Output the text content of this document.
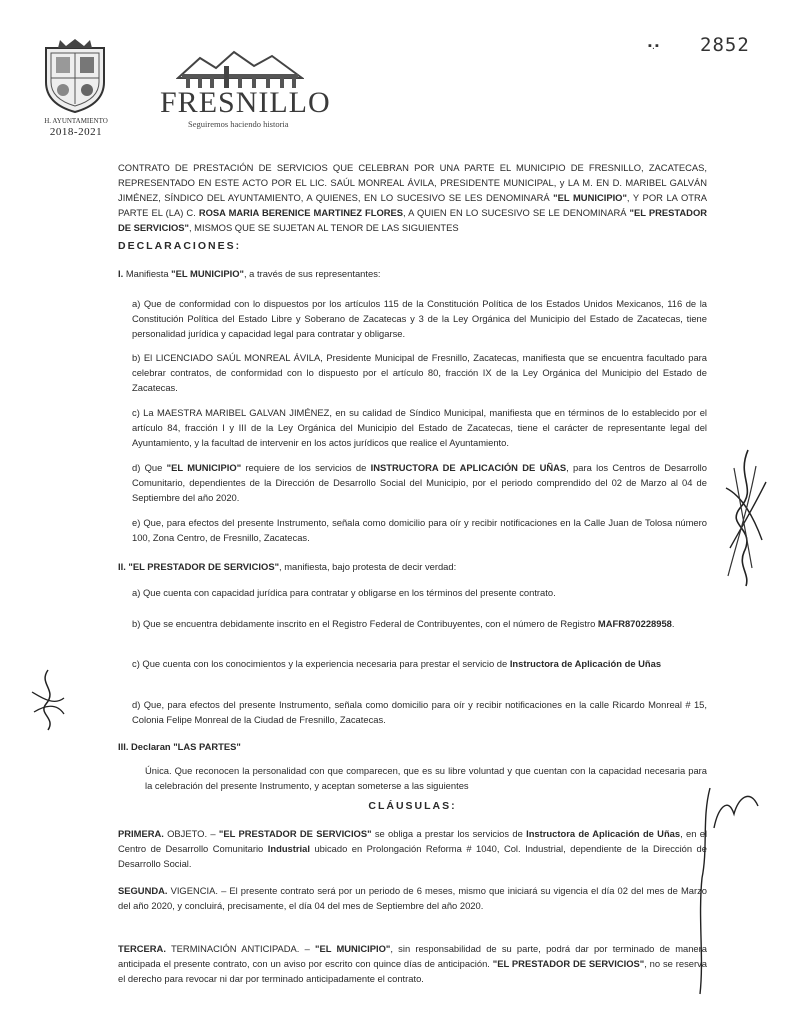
H. AYUNTAMIENTO
2018-2021
FRESNILLO
Seguiremos haciendo historia
▪.▪ 2852

CONTRATO DE PRESTACIÓN DE SERVICIOS QUE CELEBRAN POR UNA PARTE EL MUNICIPIO DE FRESNILLO, ZACATECAS, REPRESENTADO EN ESTE ACTO POR EL LIC. SAÚL MONREAL ÁVILA, PRESIDENTE MUNICIPAL, y LA M. EN D. MARIBEL GALVÁN JIMÉNEZ, SÍNDICO DEL AYUNTAMIENTO, A QUIENES, EN LO SUCESIVO SE LES DENOMINARÁ "EL MUNICIPIO", Y POR LA OTRA PARTE EL (LA) C. ROSA MARIA BERENICE MARTINEZ FLORES, A QUIEN EN LO SUCESIVO SE LE DENOMINARÁ "EL PRESTADOR DE SERVICIOS", MISMOS QUE SE SUJETAN AL TENOR DE LAS SIGUIENTES

DECLARACIONES:

I. Manifiesta "EL MUNICIPIO", a través de sus representantes:

a) Que de conformidad con lo dispuestos por los artículos 115 de la Constitución Política de los Estados Unidos Mexicanos, 116 de la Constitución Política del Estado Libre y Soberano de Zacatecas y 3 de la Ley Orgánica del Municipio del Estado de Zacatecas, tiene personalidad jurídica y capacidad legal para contratar y obligarse.

b) El LICENCIADO SAÚL MONREAL ÁVILA, Presidente Municipal de Fresnillo, Zacatecas, manifiesta que se encuentra facultado para celebrar contratos, de conformidad con lo dispuesto por el artículo 80, fracción IX de la Ley Orgánica del Municipio del Estado de Zacatecas.

c) La MAESTRA MARIBEL GALVAN JIMÉNEZ, en su calidad de Síndico Municipal, manifiesta que en términos de lo establecido por el artículo 84, fracción I y III de la Ley Orgánica del Municipio del Estado de Zacatecas, tiene el carácter de representante legal del Ayuntamiento, y la facultad de intervenir en los actos jurídicos que realice el Ayuntamiento.

d) Que "EL MUNICIPIO" requiere de los servicios de INSTRUCTORA DE APLICACIÓN DE UÑAS, para los Centros de Desarrollo Comunitario, dependientes de la Dirección de Desarrollo Social del Municipio, por el periodo comprendido del 02 de Marzo al 04 de Septiembre del año 2020.

e) Que, para efectos del presente Instrumento, señala como domicilio para oír y recibir notificaciones en la Calle Juan de Tolosa número 100, Zona Centro, de Fresnillo, Zacatecas.

II. "EL PRESTADOR DE SERVICIOS", manifiesta, bajo protesta de decir verdad:

a) Que cuenta con capacidad jurídica para contratar y obligarse en los términos del presente contrato.

b) Que se encuentra debidamente inscrito en el Registro Federal de Contribuyentes, con el número de Registro MAFR870228958.

c) Que cuenta con los conocimientos y la experiencia necesaria para prestar el servicio de Instructora de Aplicación de Uñas

d) Que, para efectos del presente Instrumento, señala como domicilio para oír y recibir notificaciones en la calle Ricardo Monreal # 15, Colonia Felipe Monreal de la Ciudad de Fresnillo, Zacatecas.

III. Declaran "LAS PARTES"

Única. Que reconocen la personalidad con que comparecen, que es su libre voluntad y que cuentan con la capacidad necesaria para la celebración del presente Instrumento, y aceptan someterse a las siguientes

CLÁUSULAS:

PRIMERA. OBJETO. – "EL PRESTADOR DE SERVICIOS" se obliga a prestar los servicios de Instructora de Aplicación de Uñas, en el Centro de Desarrollo Comunitario Industrial ubicado en Prolongación Reforma # 1040, Col. Industrial, dependiente de la Dirección de Desarrollo Social.

SEGUNDA. VIGENCIA. – El presente contrato será por un periodo de 6 meses, mismo que iniciará su vigencia el día 02 del mes de Marzo del año 2020, y concluirá, precisamente, el día 04 del mes de Septiembre del año 2020.

TERCERA. TERMINACIÓN ANTICIPADA. – "EL MUNICIPIO", sin responsabilidad de su parte, podrá dar por terminado de manera anticipada el presente contrato, con un aviso por escrito con quince días de anticipación. "EL PRESTADOR DE SERVICIOS", no se reserva el derecho para revocar ni dar por terminado anticipadamente el contrato.
